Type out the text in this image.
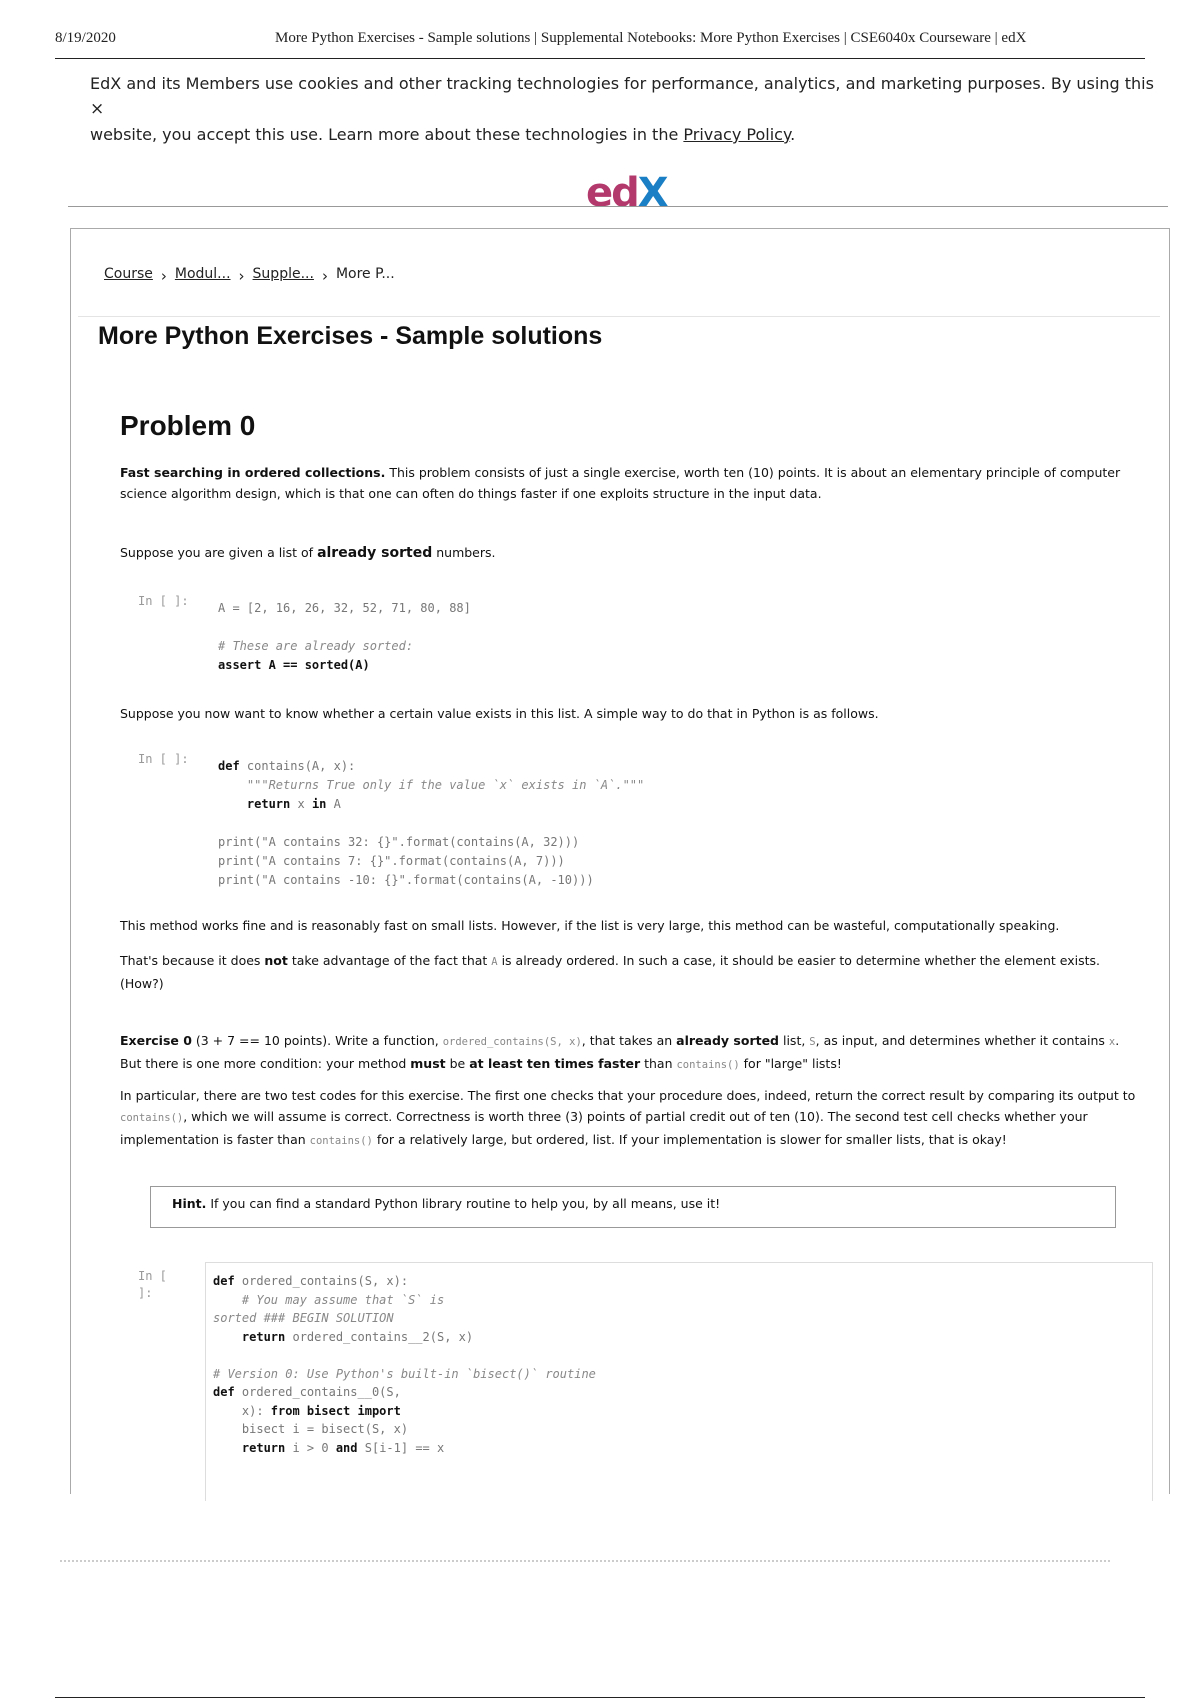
8/19/2020	More Python Exercises - Sample solutions | Supplemental Notebooks: More Python Exercises | CSE6040x Courseware | edX
EdX and its Members use cookies and other tracking technologies for performance, analytics, and marketing purposes. By using this
×
website, you accept this use. Learn more about these technologies in the Privacy Policy.
edX
Course › Modul... › Supple... › More P...
More Python Exercises - Sample solutions
Problem 0
Fast searching in ordered collections. This problem consists of just a single exercise, worth ten (10) points. It is about an elementary principle of computer science algorithm design, which is that one can often do things faster if one exploits structure in the input data.
Suppose you are given a list of already sorted numbers.
In [ ]: A = [2, 16, 26, 32, 52, 71, 80, 88]

# These are already sorted:
assert A == sorted(A)
Suppose you now want to know whether a certain value exists in this list. A simple way to do that in Python is as follows.
In [ ]: def contains(A, x):
"""Returns True only if the value `x` exists in `A`."""
return x in A

print("A contains 32: {}".format(contains(A, 32)))
print("A contains 7: {}".format(contains(A, 7)))
print("A contains -10: {}".format(contains(A, -10)))
This method works fine and is reasonably fast on small lists. However, if the list is very large, this method can be wasteful, computationally speaking.
That's because it does not take advantage of the fact that A is already ordered. In such a case, it should be easier to determine whether the element exists. (How?)
Exercise 0 (3 + 7 == 10 points). Write a function, ordered_contains(S, x), that takes an already sorted list, S, as input, and determines whether it contains x. But there is one more condition: your method must be at least ten times faster than contains() for "large" lists!
In particular, there are two test codes for this exercise. The first one checks that your procedure does, indeed, return the correct result by comparing its output to contains(), which we will assume is correct. Correctness is worth three (3) points of partial credit out of ten (10). The second test cell checks whether your implementation is faster than contains() for a relatively large, but ordered, list. If your implementation is slower for smaller lists, that is okay!
Hint. If you can find a standard Python library routine to help you, by all means, use it!
In [
]:
def ordered_contains(S, x):
# You may assume that `S` is
sorted ### BEGIN SOLUTION
return ordered_contains__2(S, x)

# Version 0: Use Python's built-in `bisect()` routine
def ordered_contains__0(S,
x): from bisect import
bisect i = bisect(S, x)
return i > 0 and S[i-1] == x
